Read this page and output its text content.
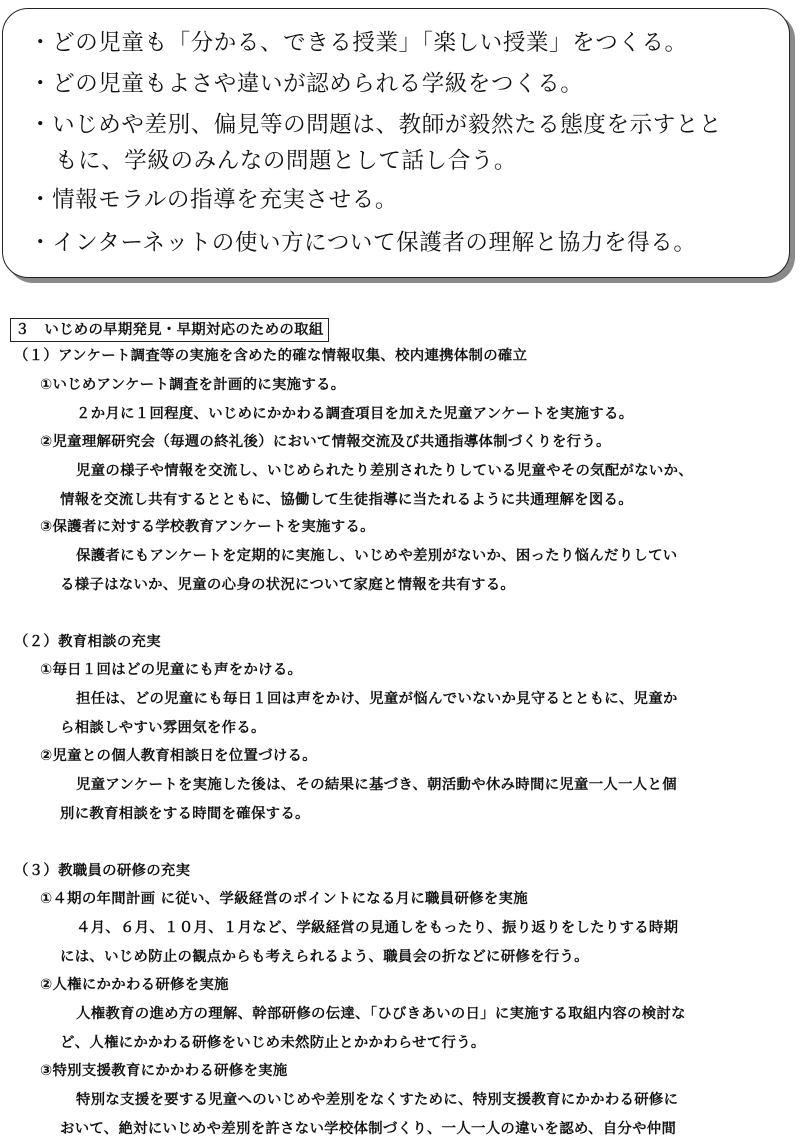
・どの児童も「分かる、できる授業」「楽しい授業」をつくる。
・どの児童もよさや違いが認められる学級をつくる。
・いじめや差別、偏見等の問題は、教師が毅然たる態度を示すとと
もに、学級のみんなの問題として話し合う。
・情報モラルの指導を充実させる。
・インターネットの使い方について保護者の理解と協力を得る。
３　いじめの早期発見・早期対応のための取組
（１）アンケート調査等の実施を含めた的確な情報収集、校内連携体制の確立
①いじめアンケート調査を計画的に実施する。
２か月に１回程度、いじめにかかわる調査項目を加えた児童アンケートを実施する。
②児童理解研究会（毎週の終礼後）において情報交流及び共通指導体制づくりを行う。
児童の様子や情報を交流し、いじめられたり差別されたりしている児童やその気配がないか、
情報を交流し共有するとともに、協働して生徒指導に当たれるように共通理解を図る。
③保護者に対する学校教育アンケートを実施する。
保護者にもアンケートを定期的に実施し、いじめや差別がないか、困ったり悩んだりしてい
る様子はないか、児童の心身の状況について家庭と情報を共有する。
（２）教育相談の充実
①毎日１回はどの児童にも声をかける。
担任は、どの児童にも毎日１回は声をかけ、児童が悩んでいないか見守るとともに、児童か
ら相談しやすい雰囲気を作る。
②児童との個人教育相談日を位置づける。
児童アンケートを実施した後は、その結果に基づき、朝活動や休み時間に児童一人一人と個
別に教育相談をする時間を確保する。
（３）教職員の研修の充実
①４期の年間計画 に従い、学級経営のポイントになる月に職員研修を実施
４月、６月、１０月、１月など、学級経営の見通しをもったり、振り返りをしたりする時期
には、いじめ防止の観点からも考えられるよう、職員会の折などに研修を行う。
②人権にかかわる研修を実施
人権教育の進め方の理解、幹部研修の伝達、「ひびきあいの日」に実施する取組内容の検討な
ど、人権にかかわる研修をいじめ未然防止とかかわらせて行う。
③特別支援教育にかかわる研修を実施
特別な支援を要する児童へのいじめや差別をなくすために、特別支援教育にかかわる研修に
おいて、絶対にいじめや差別を許さない学校体制づくり、一人一人の違いを認め、自分や仲間
